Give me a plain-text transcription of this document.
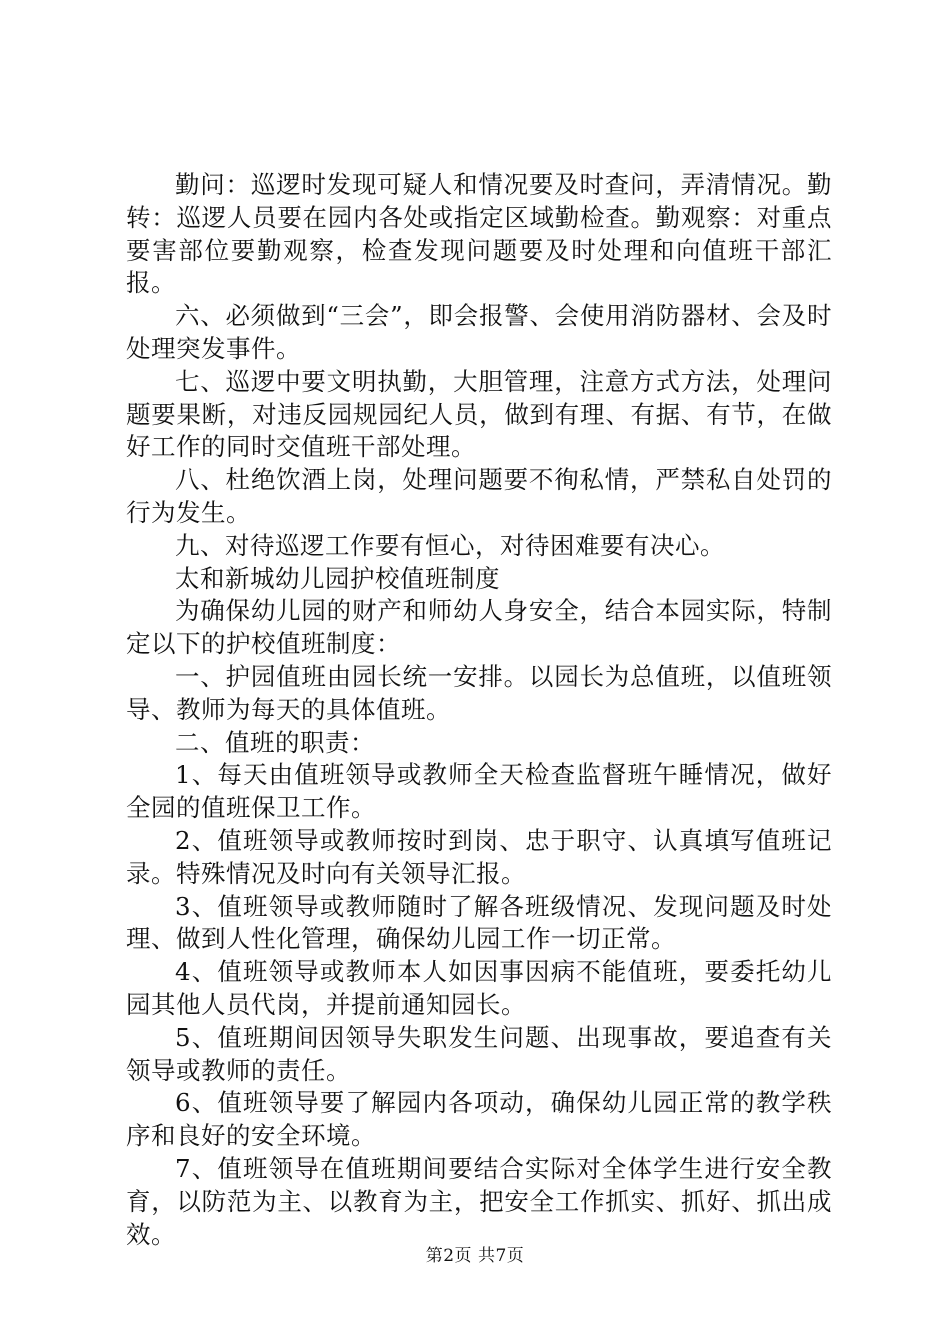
勤问：巡逻时发现可疑人和情况要及时查问，弄清情况。勤转：巡逻人员要在园内各处或指定区域勤检查。勤观察：对重点要害部位要勤观察，检查发现问题要及时处理和向值班干部汇报。

六、必须做到“三会”，即会报警、会使用消防器材、会及时处理突发事件。

七、巡逻中要文明执勤，大胆管理，注意方式方法，处理问题要果断，对违反园规园纪人员，做到有理、有据、有节，在做好工作的同时交值班干部处理。

八、杜绝饮酒上岗，处理问题要不徇私情，严禁私自处罚的行为发生。

九、对待巡逻工作要有恒心，对待困难要有决心。

太和新城幼儿园护校值班制度

为确保幼儿园的财产和师幼人身安全，结合本园实际，特制定以下的护校值班制度：

一、护园值班由园长统一安排。以园长为总值班，以值班领导、教师为每天的具体值班。

二、值班的职责：

1、每天由值班领导或教师全天检查监督班午睡情况，做好全园的值班保卫工作。

2、值班领导或教师按时到岗、忠于职守、认真填写值班记录。特殊情况及时向有关领导汇报。

3、值班领导或教师随时了解各班级情况、发现问题及时处理、做到人性化管理，确保幼儿园工作一切正常。

4、值班领导或教师本人如因事因病不能值班，要委托幼儿园其他人员代岗，并提前通知园长。

5、值班期间因领导失职发生问题、出现事故，要追查有关领导或教师的责任。

6、值班领导要了解园内各项动，确保幼儿园正常的教学秩序和良好的安全环境。

7、值班领导在值班期间要结合实际对全体学生进行安全教育，以防范为主、以教育为主，把安全工作抓实、抓好、抓出成效。

第2页 共7页
